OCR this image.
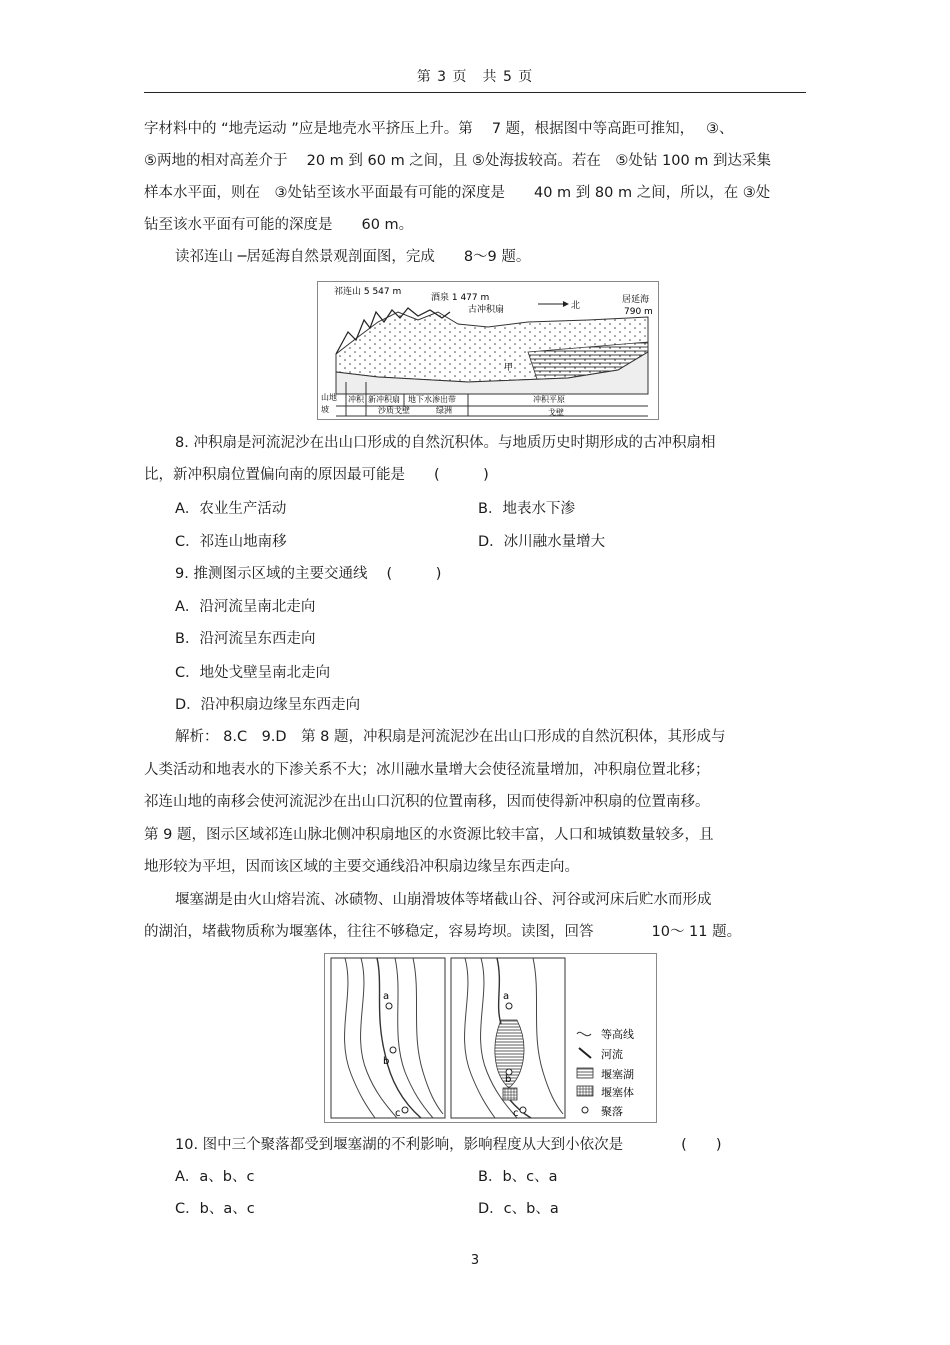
第 3 页　共 5 页
字材料中的 “地壳运动 ”应是地壳水平挤压上升。第　 7 题，根据图中等高距可推知，　 ③、
⑤两地的相对高差介于　 20 m 到 60 m 之间，且 ⑤处海拔较高。若在　⑤处钻 100 m 到达采集
样本水平面，则在　③处钻至该水平面最有可能的深度是　　40 m 到 80 m 之间，所以，在 ③处
钻至该水平面有可能的深度是　　60 m。
读祁连山 ─居延海自然景观剖面图，完成　　8～9 题。
祁连山 5 547 m
酒泉 1 477 m
古冲积扇	北
居延海
790 m
甲
山地
坡
冲积 新冲积扇 地下水渗出带
沙质戈壁	绿洲
冲积平原
戈壁
8. 冲积扇是河流泥沙在出山口形成的自然沉积体。与地质历史时期形成的古冲积扇相
比，新冲积扇位置偏向南的原因最可能是　　(　　　)
A．农业生产活动	B．地表水下渗
C．祁连山地南移	D．冰川融水量增大
9. 推测图示区域的主要交通线　 (　　　)
A．沿河流呈南北走向
B．沿河流呈东西走向
C．地处戈壁呈南北走向
D．沿冲积扇边缘呈东西走向
解析： 8.C　9.D　第 8 题，冲积扇是河流泥沙在出山口形成的自然沉积体，其形成与
人类活动和地表水的下渗关系不大；冰川融水量增大会使径流量增加，冲积扇位置北移；
祁连山地的南移会使河流泥沙在出山口沉积的位置南移，因而使得新冲积扇的位置南移。
第 9 题，图示区域祁连山脉北侧冲积扇地区的水资源比较丰富，人口和城镇数量较多，且
地形较为平坦，因而该区域的主要交通线沿冲积扇边缘呈东西走向。
堰塞湖是由火山熔岩流、冰碛物、山崩滑坡体等堵截山谷、河谷或河床后贮水而形成
的湖泊，堵截物质称为堰塞体，往往不够稳定，容易垮坝。读图，回答　　　　10～ 11 题。
a
b
c
a
b
c
等高线
河流
堰塞湖
堰塞体
聚落
10. 图中三个聚落都受到堰塞湖的不利影响，影响程度从大到小依次是　　　　(　　)
A．a、b、c	B．b、c、a
C．b、a、c	D．c、b、a
3
